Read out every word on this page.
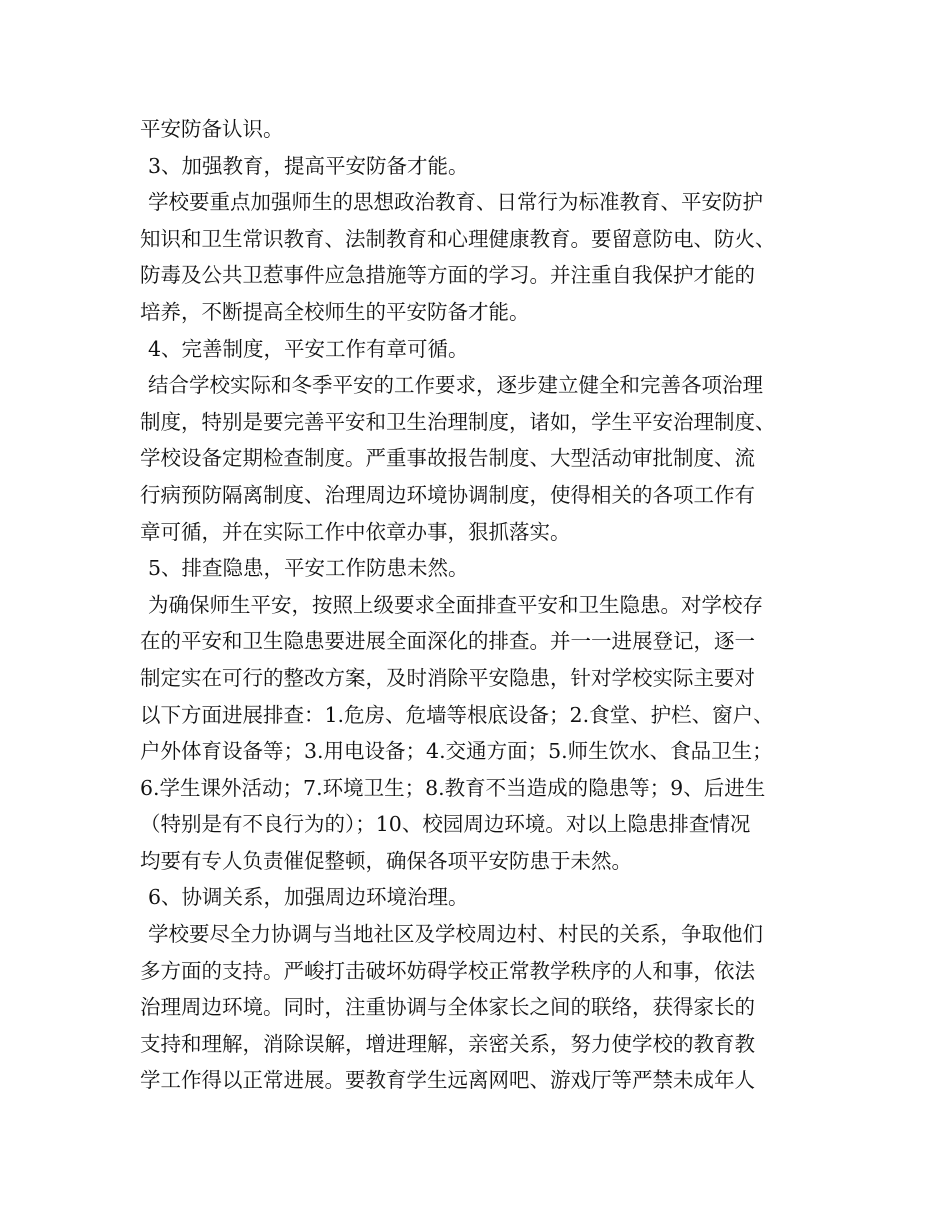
平安防备认识。
3、加强教育，提高平安防备才能。
学校要重点加强师生的思想政治教育、日常行为标准教育、平安防护
知识和卫生常识教育、法制教育和心理健康教育。要留意防电、防火、
防毒及公共卫惹事件应急措施等方面的学习。并注重自我保护才能的
培养，不断提高全校师生的平安防备才能。
4、完善制度，平安工作有章可循。
结合学校实际和冬季平安的工作要求，逐步建立健全和完善各项治理
制度，特别是要完善平安和卫生治理制度，诸如，学生平安治理制度、
学校设备定期检查制度。严重事故报告制度、大型活动审批制度、流
行病预防隔离制度、治理周边环境协调制度，使得相关的各项工作有
章可循，并在实际工作中依章办事，狠抓落实。
5、排查隐患，平安工作防患未然。
为确保师生平安，按照上级要求全面排查平安和卫生隐患。对学校存
在的平安和卫生隐患要进展全面深化的排查。并一一进展登记，逐一
制定实在可行的整改方案，及时消除平安隐患，针对学校实际主要对
以下方面进展排查：1.危房、危墙等根底设备；2.食堂、护栏、窗户、
户外体育设备等；3.用电设备；4.交通方面；5.师生饮水、食品卫生；
6.学生课外活动；7.环境卫生；8.教育不当造成的隐患等；9、后进生
（特别是有不良行为的）；10、校园周边环境。对以上隐患排查情况
均要有专人负责催促整顿，确保各项平安防患于未然。
6、协调关系，加强周边环境治理。
学校要尽全力协调与当地社区及学校周边村、村民的关系，争取他们
多方面的支持。严峻打击破坏妨碍学校正常教学秩序的人和事，依法
治理周边环境。同时，注重协调与全体家长之间的联络，获得家长的
支持和理解，消除误解，增进理解，亲密关系，努力使学校的教育教
学工作得以正常进展。要教育学生远离网吧、游戏厅等严禁未成年人
